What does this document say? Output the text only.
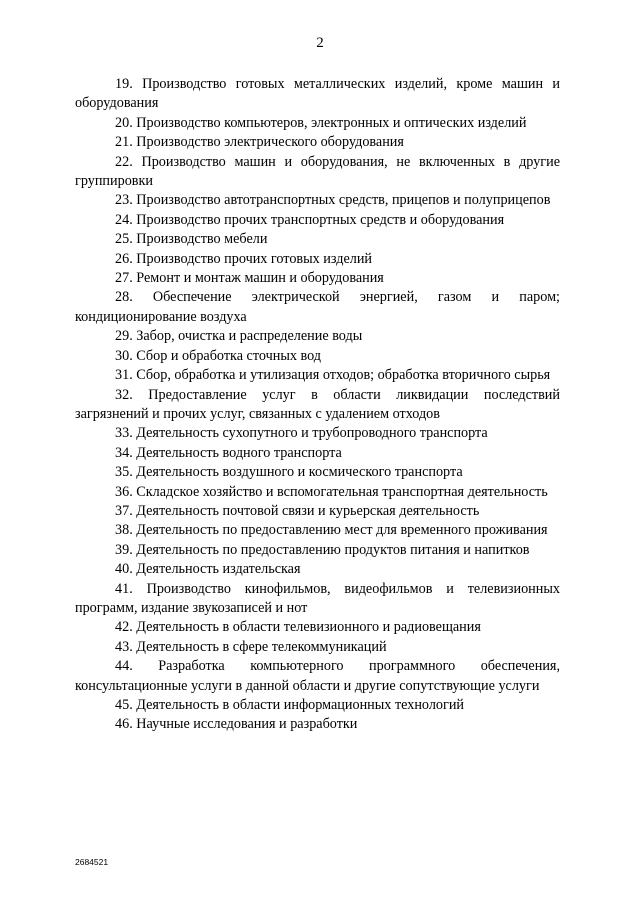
2

19. Производство готовых металлических изделий, кроме машин и оборудования

20. Производство компьютеров, электронных и оптических изделий

21. Производство электрического оборудования

22. Производство машин и оборудования, не включенных в другие группировки

23. Производство автотранспортных средств, прицепов и полуприцепов

24. Производство прочих транспортных средств и оборудования

25. Производство мебели

26. Производство прочих готовых изделий

27. Ремонт и монтаж машин и оборудования

28. Обеспечение электрической энергией, газом и паром; кондиционирование воздуха

29. Забор, очистка и распределение воды

30. Сбор и обработка сточных вод

31. Сбор, обработка и утилизация отходов; обработка вторичного сырья

32. Предоставление услуг в области ликвидации последствий загрязнений и прочих услуг, связанных с удалением отходов

33. Деятельность сухопутного и трубопроводного транспорта

34. Деятельность водного транспорта

35. Деятельность воздушного и космического транспорта

36. Складское хозяйство и вспомогательная транспортная деятельность

37. Деятельность почтовой связи и курьерская деятельность

38. Деятельность по предоставлению мест для временного проживания

39. Деятельность по предоставлению продуктов питания и напитков

40. Деятельность издательская

41. Производство кинофильмов, видеофильмов и телевизионных программ, издание звукозаписей и нот

42. Деятельность в области телевизионного и радиовещания

43. Деятельность в сфере телекоммуникаций

44. Разработка компьютерного программного обеспечения, консультационные услуги в данной области и другие сопутствующие услуги

45. Деятельность в области информационных технологий

46. Научные исследования и разработки

2684521
